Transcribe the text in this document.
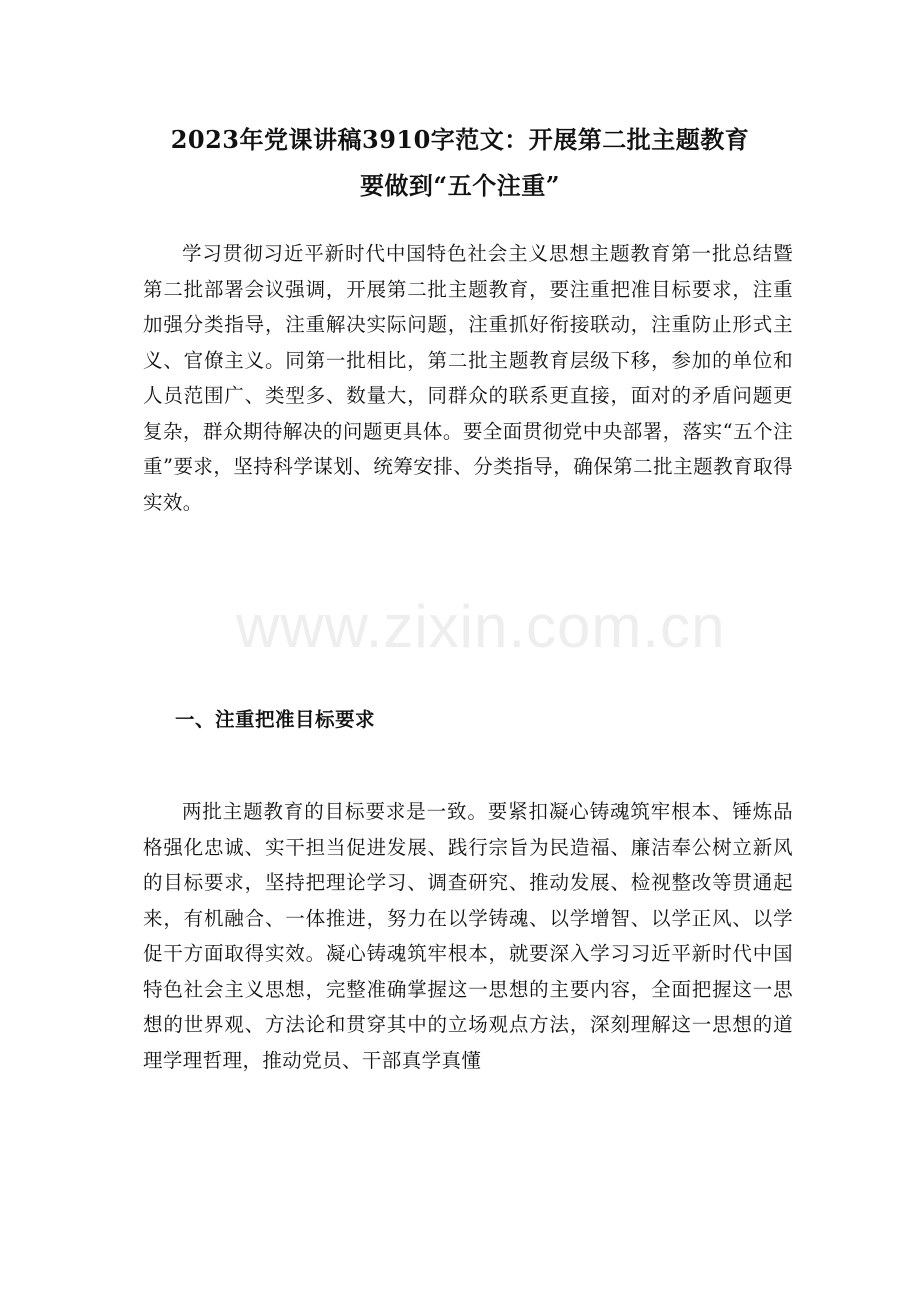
2023年党课讲稿3910字范文：开展第二批主题教育
要做到“五个注重”
学习贯彻习近平新时代中国特色社会主义思想主题教育第一批总结暨第二批部署会议强调，开展第二批主题教育，要注重把准目标要求，注重加强分类指导，注重解决实际问题，注重抓好衔接联动，注重防止形式主义、官僚主义。同第一批相比，第二批主题教育层级下移，参加的单位和人员范围广、类型多、数量大，同群众的联系更直接，面对的矛盾问题更复杂，群众期待解决的问题更具体。要全面贯彻党中央部署，落实“五个注重”要求，坚持科学谋划、统筹安排、分类指导，确保第二批主题教育取得实效。
www.zixin.com.cn
一、注重把准目标要求
两批主题教育的目标要求是一致。要紧扣凝心铸魂筑牢根本、锤炼品格强化忠诚、实干担当促进发展、践行宗旨为民造福、廉洁奉公树立新风的目标要求，坚持把理论学习、调查研究、推动发展、检视整改等贯通起来，有机融合、一体推进，努力在以学铸魂、以学增智、以学正风、以学促干方面取得实效。凝心铸魂筑牢根本，就要深入学习习近平新时代中国特色社会主义思想，完整准确掌握这一思想的主要内容，全面把握这一思想的世界观、方法论和贯穿其中的立场观点方法，深刻理解这一思想的道理学理哲理，推动党员、干部真学真懂
